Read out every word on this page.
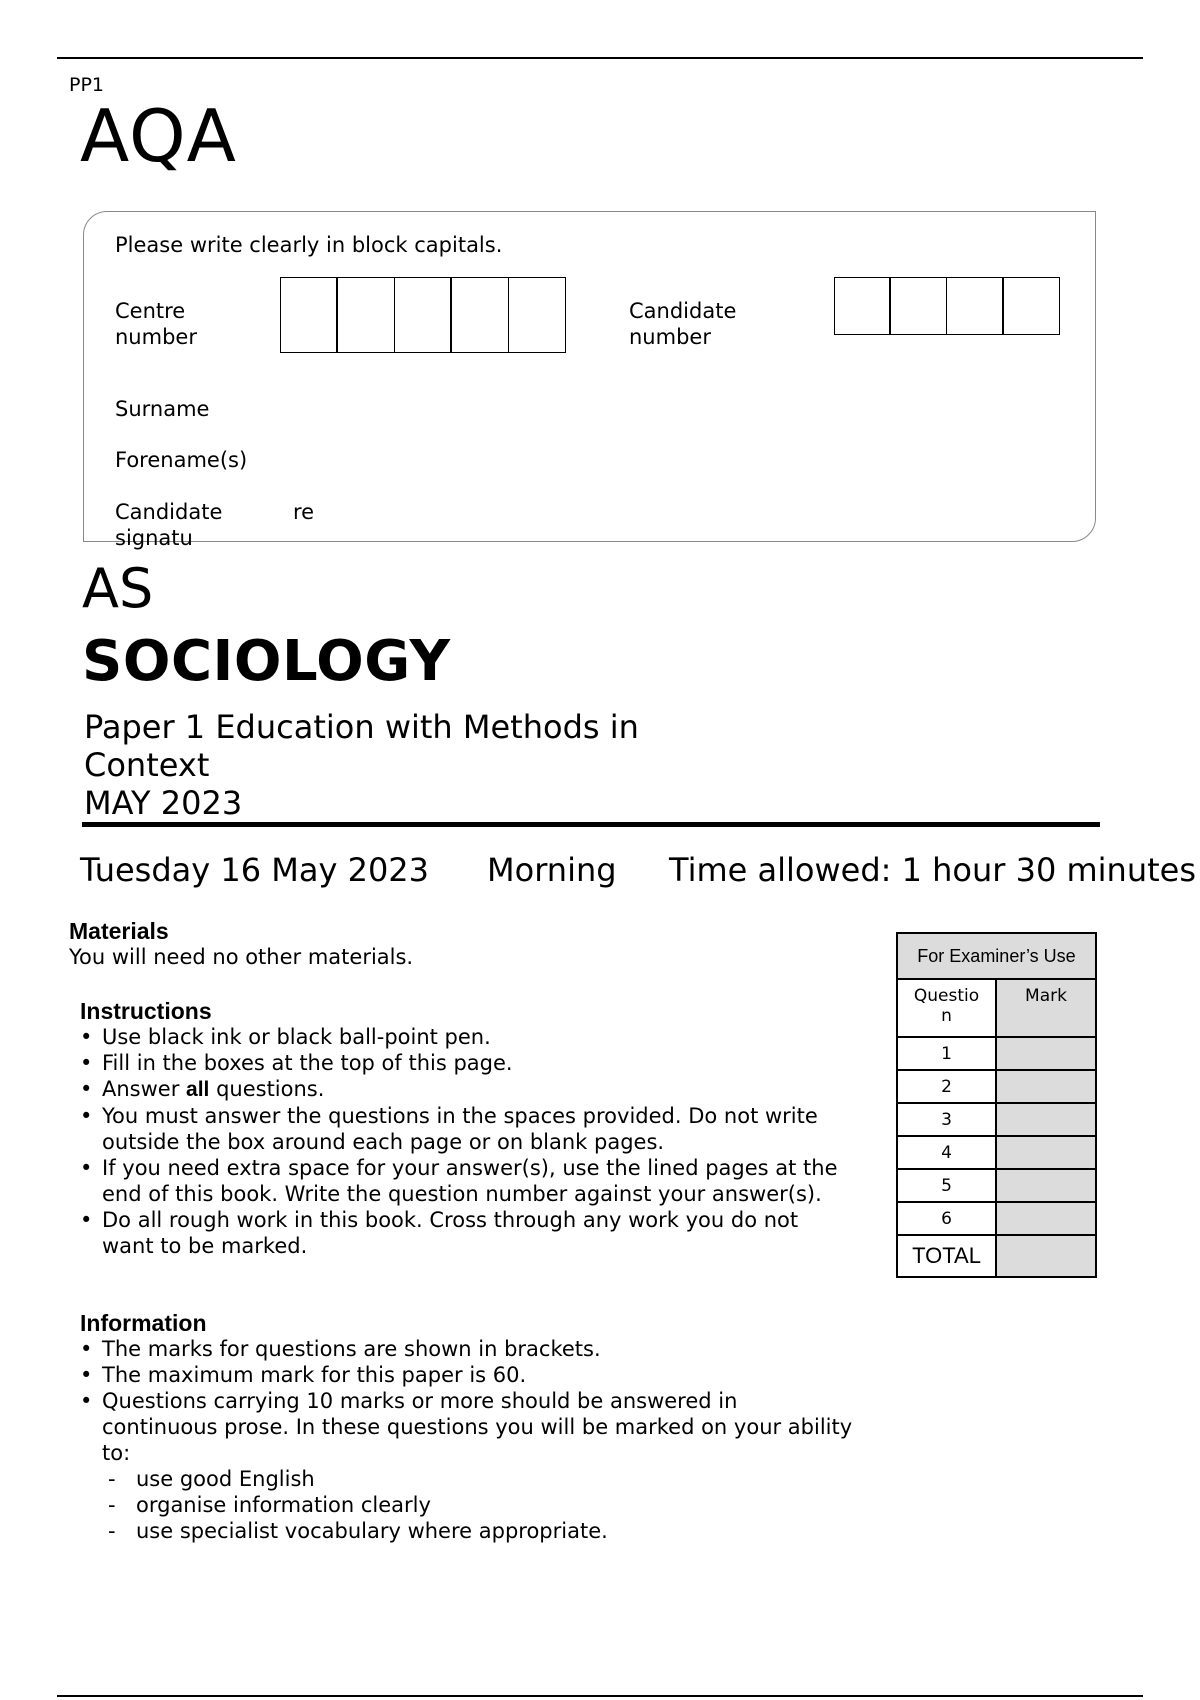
PP1
AQA
Please write clearly in block capitals.
Centre
number
Candidate
number
Surname
Forename(s)
Candidate
signatu
re
AS
SOCIOLOGY
Paper 1 Education with Methods in
Context
MAY 2023
Tuesday 16 May 2023 Morning Time allowed: 1 hour 30 minutes
Materials
You will need no other materials.
Instructions
• Use black ink or black ball-point pen.
• Fill in the boxes at the top of this page.
• Answer all questions.
• You must answer the questions in the spaces provided. Do not write outside the box around each page or on blank pages.
• If you need extra space for your answer(s), use the lined pages at the end of this book. Write the question number against your answer(s).
• Do all rough work in this book. Cross through any work you do not want to be marked.
Information
• The marks for questions are shown in brackets.
• The maximum mark for this paper is 60.
• Questions carrying 10 marks or more should be answered in continuous prose. In these questions you will be marked on your ability to:
- use good English
- organise information clearly
- use specialist vocabulary where appropriate.
For Examiner’s Use	

Questio
n	Mark
1	
2	
3	
4	
5	
6	
TOTAL	
